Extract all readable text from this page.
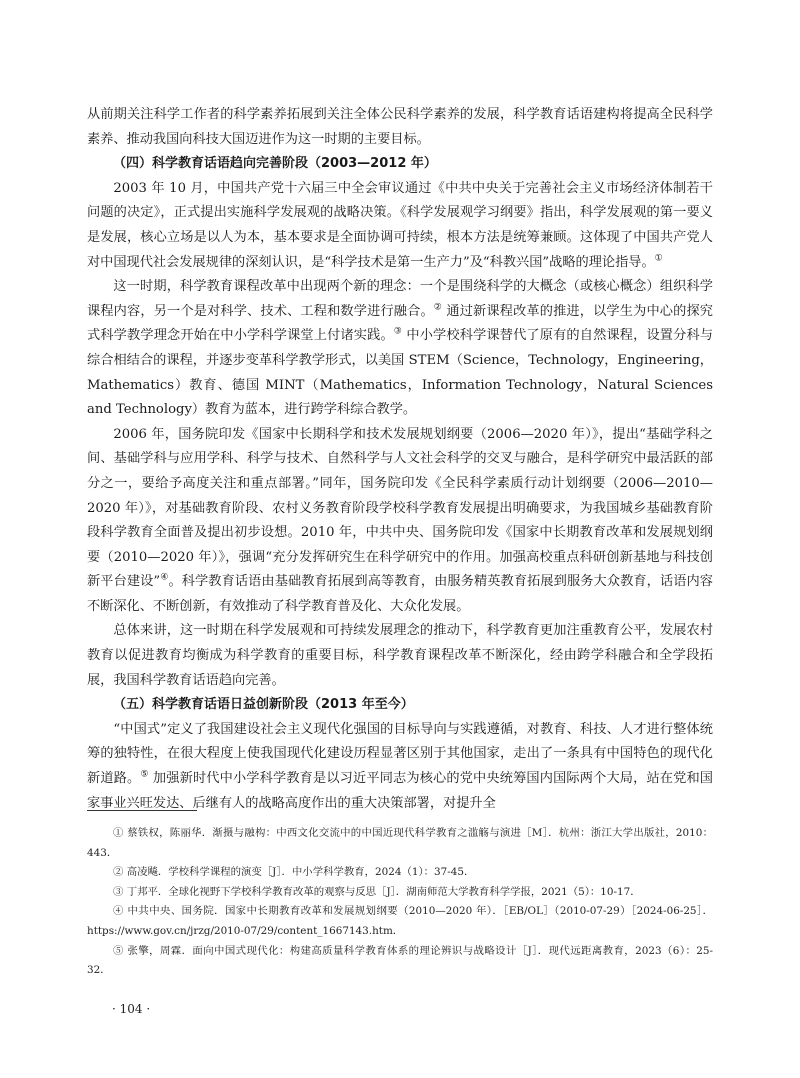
从前期关注科学工作者的科学素养拓展到关注全体公民科学素养的发展，科学教育话语建构将提高全民科学素养、推动我国向科技大国迈进作为这一时期的主要目标。

（四）科学教育话语趋向完善阶段（2003—2012 年）

2003 年 10 月，中国共产党十六届三中全会审议通过《中共中央关于完善社会主义市场经济体制若干问题的决定》，正式提出实施科学发展观的战略决策。《科学发展观学习纲要》指出，科学发展观的第一要义是发展，核心立场是以人为本，基本要求是全面协调可持续，根本方法是统筹兼顾。这体现了中国共产党人对中国现代社会发展规律的深刻认识，是“科学技术是第一生产力”及“科教兴国”战略的理论指导。①

这一时期，科学教育课程改革中出现两个新的理念：一个是围绕科学的大概念（或核心概念）组织科学课程内容，另一个是对科学、技术、工程和数学进行融合。② 通过新课程改革的推进，以学生为中心的探究式科学教学理念开始在中小学科学课堂上付诸实践。③ 中小学校科学课替代了原有的自然课程，设置分科与综合相结合的课程，并逐步变革科学教学形式，以美国 STEM（Science，Technology，Engineering，Mathematics）教育、德国 MINT（Mathematics，Information Technology，Natural Sciences and Technology）教育为蓝本，进行跨学科综合教学。

2006 年，国务院印发《国家中长期科学和技术发展规划纲要（2006—2020 年）》，提出“基础学科之间、基础学科与应用学科、科学与技术、自然科学与人文社会科学的交叉与融合，是科学研究中最活跃的部分之一，要给予高度关注和重点部署。”同年，国务院印发《全民科学素质行动计划纲要（2006—2010—2020 年）》，对基础教育阶段、农村义务教育阶段学校科学教育发展提出明确要求，为我国城乡基础教育阶段科学教育全面普及提出初步设想。2010 年，中共中央、国务院印发《国家中长期教育改革和发展规划纲要（2010—2020 年）》，强调“充分发挥研究生在科学研究中的作用。加强高校重点科研创新基地与科技创新平台建设”④。科学教育话语由基础教育拓展到高等教育，由服务精英教育拓展到服务大众教育，话语内容不断深化、不断创新，有效推动了科学教育普及化、大众化发展。

总体来讲，这一时期在科学发展观和可持续发展理念的推动下，科学教育更加注重教育公平，发展农村教育以促进教育均衡成为科学教育的重要目标，科学教育课程改革不断深化，经由跨学科融合和全学段拓展，我国科学教育话语趋向完善。

（五）科学教育话语日益创新阶段（2013 年至今）

“中国式”定义了我国建设社会主义现代化强国的目标导向与实践遵循，对教育、科技、人才进行整体统筹的独特性，在很大程度上使我国现代化建设历程显著区别于其他国家，走出了一条具有中国特色的现代化新道路。⑤ 加强新时代中小学科学教育是以习近平同志为核心的党中央统筹国内国际两个大局，站在党和国家事业兴旺发达、后继有人的战略高度作出的重大决策部署，对提升全

① 蔡铁权，陈丽华．渐摄与融构：中西文化交流中的中国近现代科学教育之滥觞与演进［M］．杭州：浙江大学出版社，2010：443．

② 高凌飚．学校科学课程的演变［J］．中小学科学教育，2024（1）：37-45．

③ 丁邦平．全球化视野下学校科学教育改革的观察与反思［J］．湖南师范大学教育科学学报，2021（5）：10-17．

④ 中共中央、国务院．国家中长期教育改革和发展规划纲要（2010—2020 年）．［EB/OL］（2010-07-29）［2024-06-25］．https://www.gov.cn/jrzg/2010-07/29/content_1667143.htm．

⑤ 张擎，周霖．面向中国式现代化：构建高质量科学教育体系的理论辨识与战略设计［J］．现代远距离教育，2023（6）：25-32．

· 104 ·
